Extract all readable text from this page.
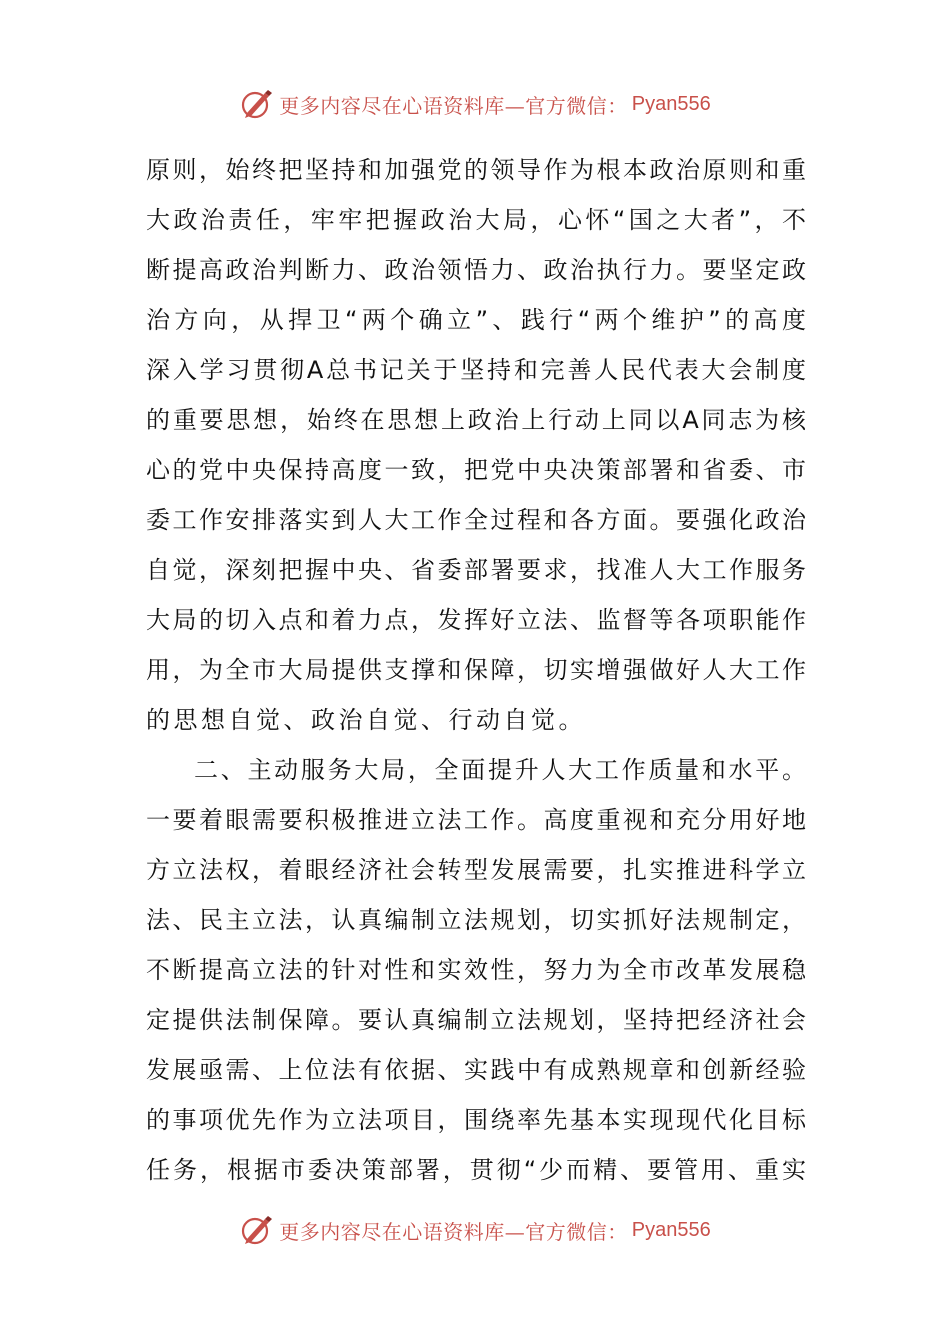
更多内容尽在心语资料库—官方微信： Pyan556
原则，始终把坚持和加强党的领导作为根本政治原则和重
大政治责任，牢牢把握政治大局，心怀“国之大者”，不
断提高政治判断力、政治领悟力、政治执行力。要坚定政
治方向，从捍卫“两个确立”、践行“两个维护”的高度
深入学习贯彻A总书记关于坚持和完善人民代表大会制度
的重要思想，始终在思想上政治上行动上同以A同志为核
心的党中央保持高度一致，把党中央决策部署和省委、市
委工作安排落实到人大工作全过程和各方面。要强化政治
自觉，深刻把握中央、省委部署要求，找准人大工作服务
大局的切入点和着力点，发挥好立法、监督等各项职能作
用，为全市大局提供支撑和保障，切实增强做好人大工作
的思想自觉、政治自觉、行动自觉。
二、主动服务大局，全面提升人大工作质量和水平。
一要着眼需要积极推进立法工作。高度重视和充分用好地
方立法权，着眼经济社会转型发展需要，扎实推进科学立
法、民主立法，认真编制立法规划，切实抓好法规制定，
不断提高立法的针对性和实效性，努力为全市改革发展稳
定提供法制保障。要认真编制立法规划，坚持把经济社会
发展亟需、上位法有依据、实践中有成熟规章和创新经验
的事项优先作为立法项目，围绕率先基本实现现代化目标
任务，根据市委决策部署，贯彻“少而精、要管用、重实
更多内容尽在心语资料库—官方微信： Pyan556
